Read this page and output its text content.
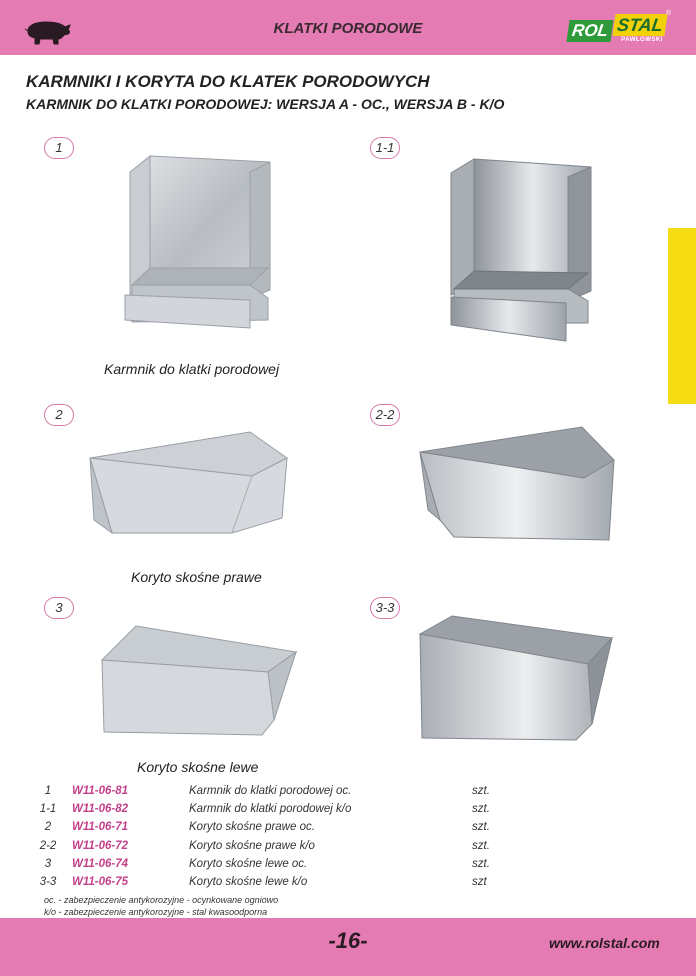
KLATKI PORODOWE	ROL STAL
PAWŁOWSKI
®
KARMNIKI I KORYTA DO KLATEK PORODOWYCH
KARMNIK DO KLATKI PORODOWEJ: WERSJA A - OC., WERSJA B - K/O
1	1-1
2	2-2
3	3-3
Karmnik do klatki porodowej
Koryto skośne prawe
Koryto skośne lewe
1	W11-06-81	Karmnik do klatki porodowej oc.	szt.
1-1	W11-06-82	Karmnik do klatki porodowej k/o	szt.
2	W11-06-71	Koryto skośne prawe oc.	szt.
2-2	W11-06-72	Koryto skośne prawe k/o	szt.
3	W11-06-74	Koryto skośne lewe oc.	szt.
3-3	W11-06-75	Koryto skośne lewe k/o	szt
oc. - zabezpieczenie antykorozyjne - ocynkowane ogniowo
k/o - zabezpieczenie antykorozyjne - stal kwasoodporna
-16-	www.rolstal.com
